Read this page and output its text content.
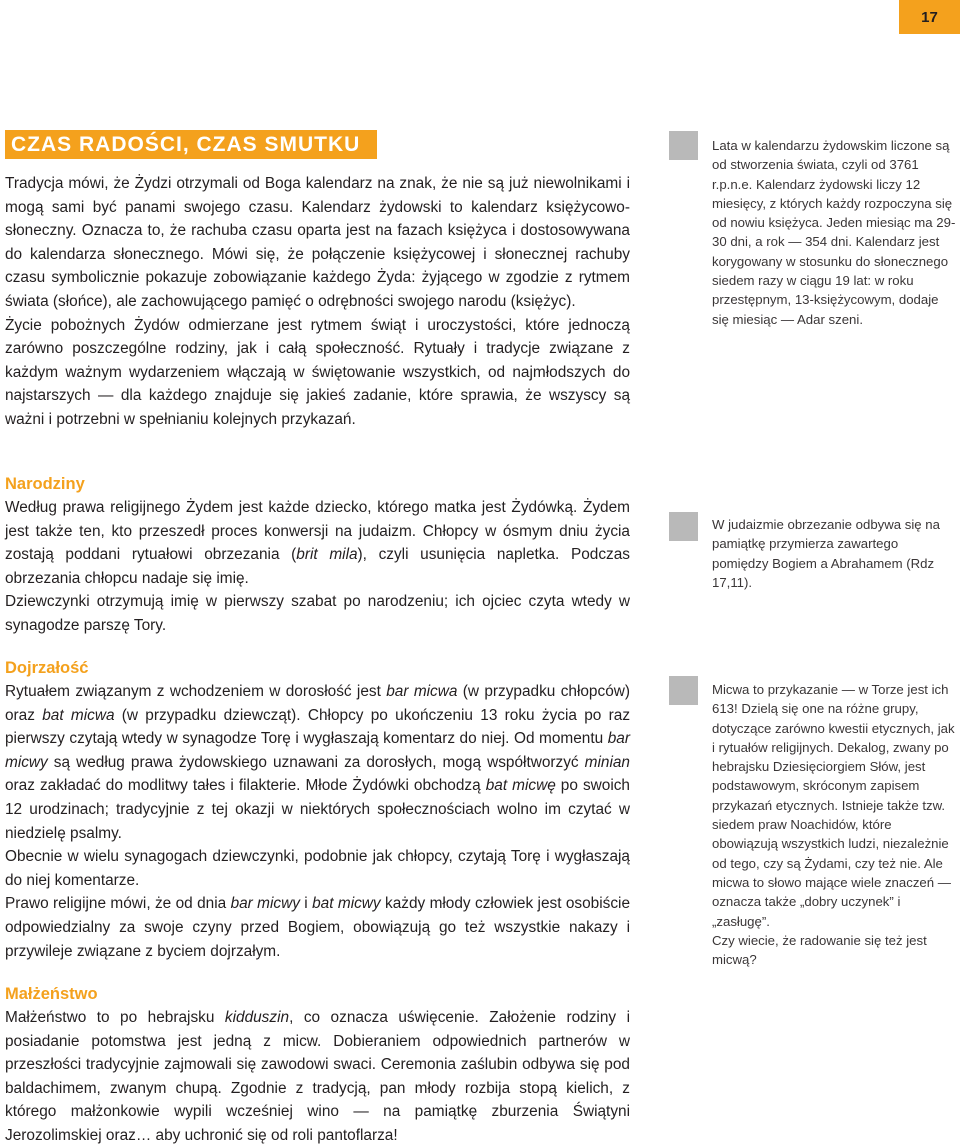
17
CZAS RADOŚCI, CZAS SMUTKU

Tradycja mówi, że Żydzi otrzymali od Boga kalendarz na znak, że nie są już niewolnikami i mogą sami być panami swojego czasu. Kalendarz żydowski to kalendarz księżycowo-słoneczny. Oznacza to, że rachuba czasu oparta jest na fazach księżyca i dostosowywana do kalendarza słonecznego. Mówi się, że połączenie księżycowej i słonecznej rachuby czasu symbolicznie pokazuje zobowiązanie każdego Żyda: żyjącego w zgodzie z rytmem świata (słońce), ale zachowującego pamięć o odrębności swojego narodu (księżyc).

Życie pobożnych Żydów odmierzane jest rytmem świąt i uroczystości, które jednoczą zarówno poszczególne rodziny, jak i całą społeczność. Rytuały i tradycje związane z każdym ważnym wydarzeniem włączają w świętowanie wszystkich, od najmłodszych do najstarszych — dla każdego znajduje się jakieś zadanie, które sprawia, że wszyscy są ważni i potrzebni w spełnianiu kolejnych przykazań.

Narodziny

Według prawa religijnego Żydem jest każde dziecko, którego matka jest Żydówką. Żydem jest także ten, kto przeszedł proces konwersji na judaizm. Chłopcy w ósmym dniu życia zostają poddani rytuałowi obrzezania (brit mila), czyli usunięcia napletka. Podczas obrzezania chłopcu nadaje się imię.

Dziewczynki otrzymują imię w pierwszy szabat po narodzeniu; ich ojciec czyta wtedy w synagodze parszę Tory.

Dojrzałość

Rytuałem związanym z wchodzeniem w dorosłość jest bar micwa (w przypadku chłopców) oraz bat micwa (w przypadku dziewcząt). Chłopcy po ukończeniu 13 roku życia po raz pierwszy czytają wtedy w synagodze Torę i wygłaszają komentarz do niej. Od momentu bar micwy są według prawa żydowskiego uznawani za dorosłych, mogą współtworzyć minian oraz zakładać do modlitwy tałes i filakterie. Młode Żydówki obchodzą bat micwę po swoich 12 urodzinach; tradycyjnie z tej okazji w niektórych społecznościach wolno im czytać w niedzielę psalmy.

Obecnie w wielu synagogach dziewczynki, podobnie jak chłopcy, czytają Torę i wygłaszają do niej komentarze.

Prawo religijne mówi, że od dnia bar micwy i bat micwy każdy młody człowiek jest osobiście odpowiedzialny za swoje czyny przed Bogiem, obowiązują go też wszystkie nakazy i przywileje związane z byciem dojrzałym.

Małżeństwo

Małżeństwo to po hebrajsku kidduszin, co oznacza uświęcenie. Założenie rodziny i posiadanie potomstwa jest jedną z micw. Dobieraniem odpowiednich partnerów w przeszłości tradycyjnie zajmowali się zawodowi swaci. Ceremonia zaślubin odbywa się pod baldachimem, zwanym chupą. Zgodnie z tradycją, pan młody rozbija stopą kielich, z którego małżonkowie wypili wcześniej wino — na pamiątkę zburzenia Świątyni Jerozolimskiej oraz… aby uchronić się od roli pantoflarza!

Lata w kalendarzu żydowskim liczone są od stworzenia świata, czyli od 3761 r.p.n.e. Kalendarz żydowski liczy 12 miesięcy, z których każdy rozpoczyna się od nowiu księżyca. Jeden miesiąc ma 29-30 dni, a rok — 354 dni. Kalendarz jest korygowany w stosunku do słonecznego siedem razy w ciągu 19 lat: w roku przestępnym, 13-księżycowym, dodaje się miesiąc — Adar szeni.

W judaizmie obrzezanie odbywa się na pamiątkę przymierza zawartego pomiędzy Bogiem a Abrahamem (Rdz 17,11).

Micwa to przykazanie — w Torze jest ich 613! Dzielą się one na różne grupy, dotyczące zarówno kwestii etycznych, jak i rytuałów religijnych. Dekalog, zwany po hebrajsku Dziesięciorgiem Słów, jest podstawowym, skróconym zapisem przykazań etycznych. Istnieje także tzw. siedem praw Noachidów, które obowiązują wszystkich ludzi, niezależnie od tego, czy są Żydami, czy też nie. Ale micwa to słowo mające wiele znaczeń — oznacza także „dobry uczynek” i „zasługę”.

Czy wiecie, że radowanie się też jest micwą?
